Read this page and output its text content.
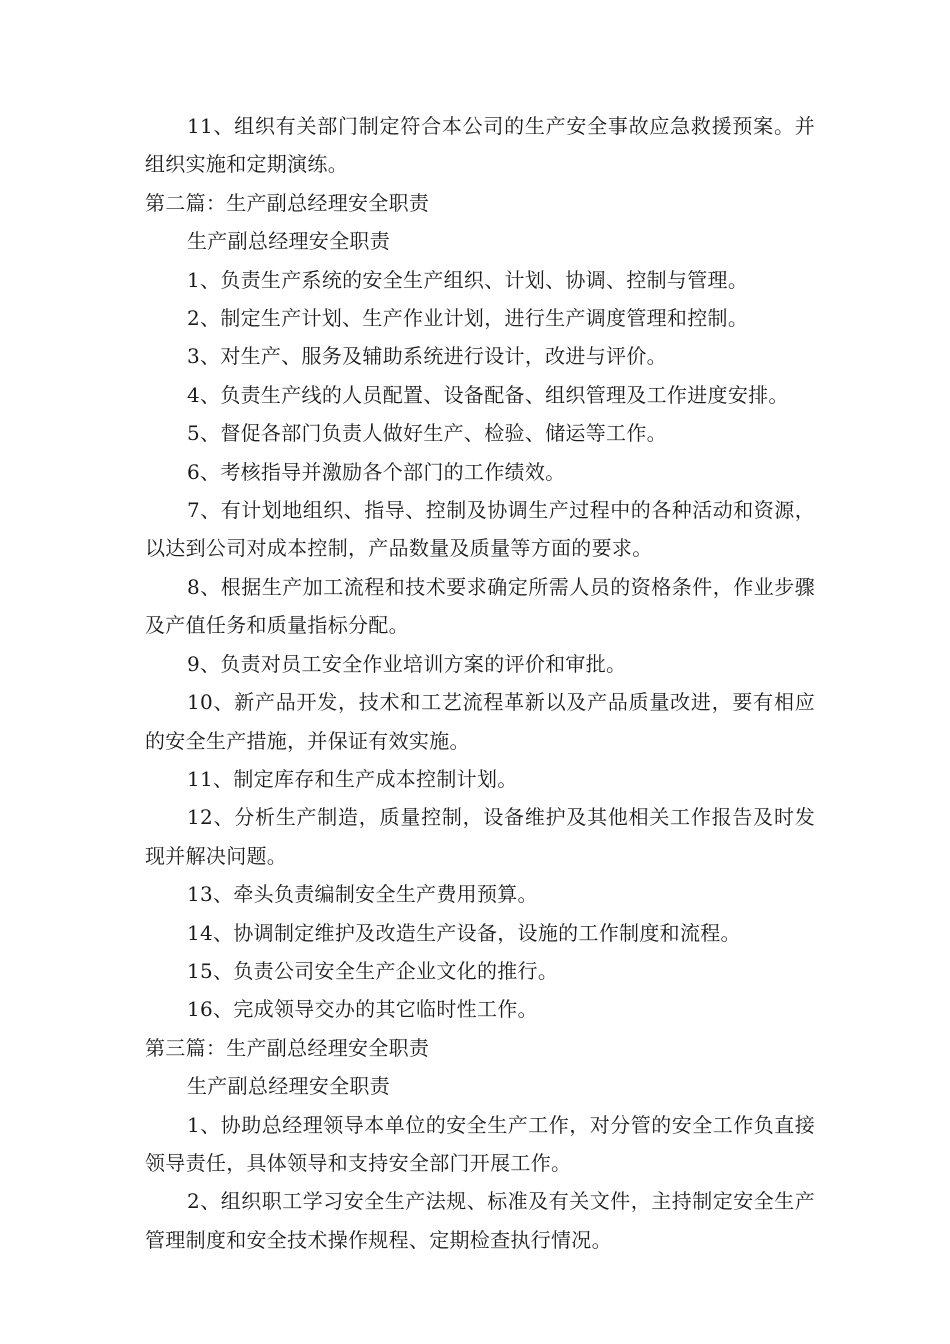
11、组织有关部门制定符合本公司的生产安全事故应急救援预案。并组织实施和定期演练。

第二篇：生产副总经理安全职责

生产副总经理安全职责

1、负责生产系统的安全生产组织、计划、协调、控制与管理。

2、制定生产计划、生产作业计划，进行生产调度管理和控制。

3、对生产、服务及辅助系统进行设计，改进与评价。

4、负责生产线的人员配置、设备配备、组织管理及工作进度安排。

5、督促各部门负责人做好生产、检验、储运等工作。

6、考核指导并激励各个部门的工作绩效。

7、有计划地组织、指导、控制及协调生产过程中的各种活动和资源，以达到公司对成本控制，产品数量及质量等方面的要求。

8、根据生产加工流程和技术要求确定所需人员的资格条件，作业步骤及产值任务和质量指标分配。

9、负责对员工安全作业培训方案的评价和审批。

10、新产品开发，技术和工艺流程革新以及产品质量改进，要有相应的安全生产措施，并保证有效实施。

11、制定库存和生产成本控制计划。

12、分析生产制造，质量控制，设备维护及其他相关工作报告及时发现并解决问题。

13、牵头负责编制安全生产费用预算。

14、协调制定维护及改造生产设备，设施的工作制度和流程。

15、负责公司安全生产企业文化的推行。

16、完成领导交办的其它临时性工作。

第三篇：生产副总经理安全职责

生产副总经理安全职责

1、协助总经理领导本单位的安全生产工作，对分管的安全工作负直接领导责任，具体领导和支持安全部门开展工作。

2、组织职工学习安全生产法规、标准及有关文件，主持制定安全生产管理制度和安全技术操作规程、定期检查执行情况。
